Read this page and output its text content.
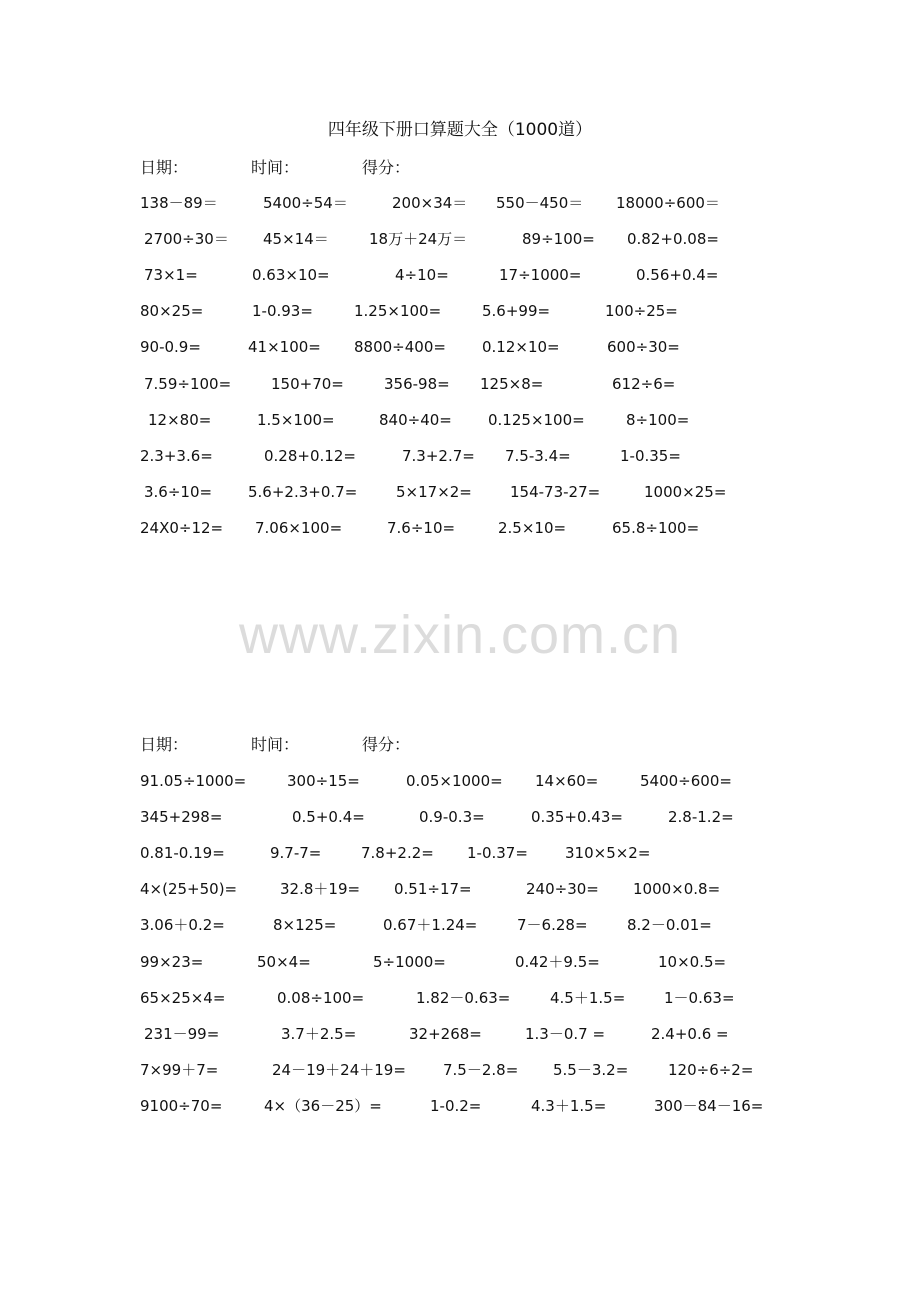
四年级下册口算题大全（1000道）
日期：	时间：	得分：
138－89＝	5400÷54＝	200×34＝ 550－450＝ 18000÷600＝
2700÷30＝ 45×14＝	18万＋24万＝	89÷100= 0.82+0.08=
73×1=	0.63×10=	4÷10=	17÷1000=	0.56+0.4=
80×25=	1-0.93=	1.25×100=	5.6+99=	100÷25=
90-0.9=	41×100= 8800÷400= 0.12×10=	600÷30=
7.59÷100=	150+70=	356-98= 125×8=	612÷6=
12×80=	1.5×100=	840÷40= 0.125×100=	8÷100=
2.3+3.6=	0.28+0.12=	7.3+2.7= 7.5-3.4=	1-0.35=
3.6÷10= 5.6+2.3+0.7=	5×17×2=	154-73-27=	1000×25=
24X0÷12= 7.06×100=	7.6÷10=	2.5×10=	65.8÷100=
www.zixin.com.cn
日期：	时间：	得分：
91.05÷1000=	300÷15=	0.05×1000= 14×60=	5400÷600=
345+298=	0.5+0.4=	0.9-0.3=	0.35+0.43=	2.8-1.2=
0.81-0.19=	9.7-7=	7.8+2.2= 1-0.37= 310×5×2=
4×(25+50)=	32.8＋19= 0.51÷17=	240÷30= 1000×0.8=
3.06＋0.2=	8×125=	0.67＋1.24=	7－6.28=	8.2－0.01=
99×23=	50×4=	5÷1000=	0.42＋9.5=	10×0.5=
65×25×4=	0.08÷100=	1.82－0.63=	4.5＋1.5=	1－0.63=
231－99=	3.7＋2.5=	32+268=	1.3－0.7 =	2.4+0.6 =
7×99＋7=	24－19＋24＋19= 7.5－2.8= 5.5－3.2=	120÷6÷2=
9100÷70=	4×（36－25）=	1-0.2=	4.3＋1.5=	300－84－16=
